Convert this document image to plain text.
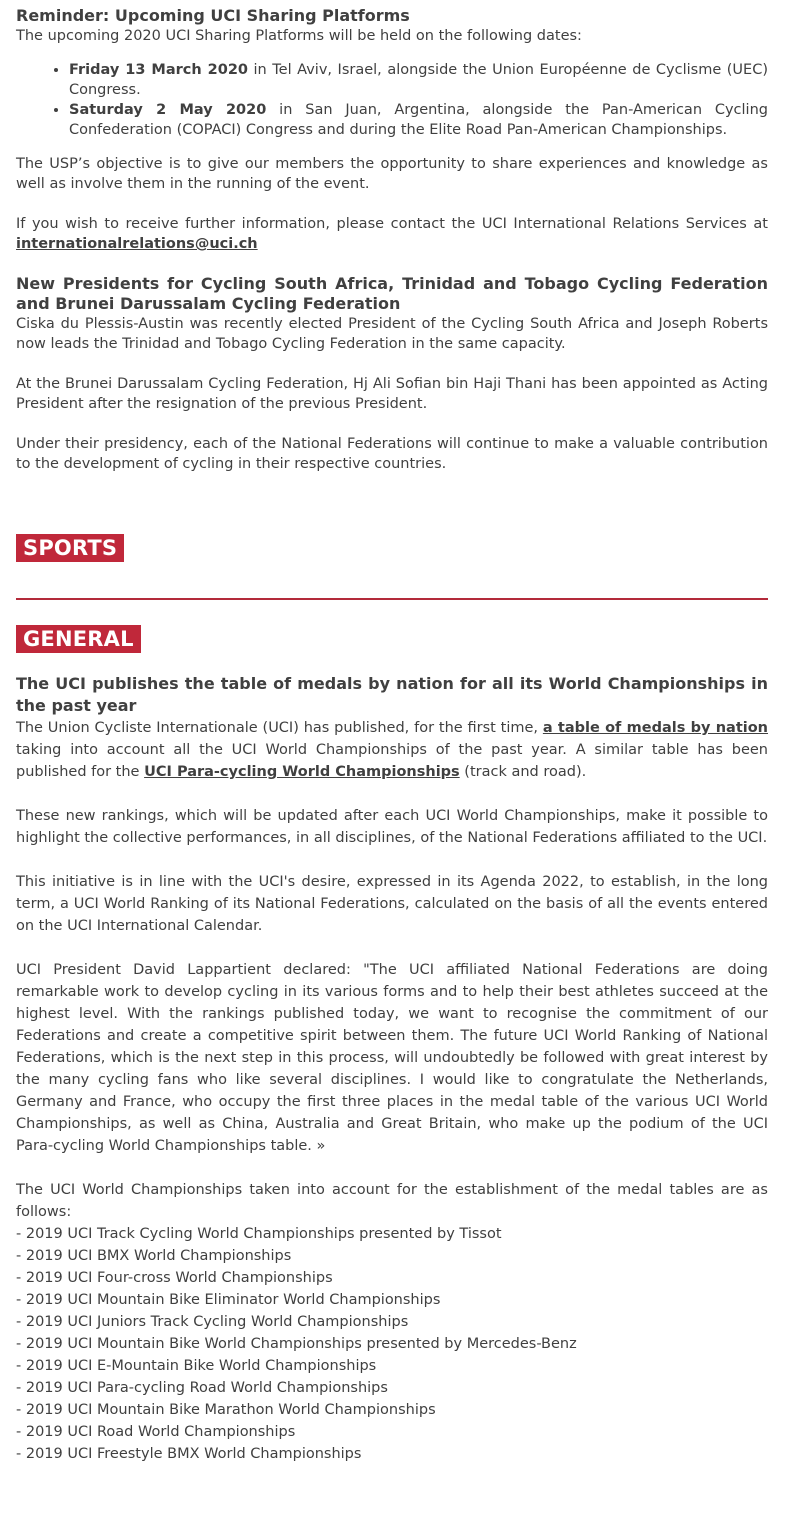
Reminder: Upcoming UCI Sharing Platforms

The upcoming 2020 UCI Sharing Platforms will be held on the following dates:

• Friday 13 March 2020 in Tel Aviv, Israel, alongside the Union Européenne de Cyclisme (UEC) Congress.
• Saturday 2 May 2020 in San Juan, Argentina, alongside the Pan-American Cycling Confederation (COPACI) Congress and during the Elite Road Pan-American Championships.

The USP’s objective is to give our members the opportunity to share experiences and knowledge as well as involve them in the running of the event.

If you wish to receive further information, please contact the UCI International Relations Services at internationalrelations@uci.ch

New Presidents for Cycling South Africa, Trinidad and Tobago Cycling Federation and Brunei Darussalam Cycling Federation

Ciska du Plessis-Austin was recently elected President of the Cycling South Africa and Joseph Roberts now leads the Trinidad and Tobago Cycling Federation in the same capacity.

At the Brunei Darussalam Cycling Federation, Hj Ali Sofian bin Haji Thani has been appointed as Acting President after the resignation of the previous President.

Under their presidency, each of the National Federations will continue to make a valuable contribution to the development of cycling in their respective countries.

SPORTS
GENERAL
The UCI publishes the table of medals by nation for all its World Championships in the past year

The Union Cycliste Internationale (UCI) has published, for the first time, a table of medals by nation taking into account all the UCI World Championships of the past year. A similar table has been published for the UCI Para-cycling World Championships (track and road).

These new rankings, which will be updated after each UCI World Championships, make it possible to highlight the collective performances, in all disciplines, of the National Federations affiliated to the UCI.

This initiative is in line with the UCI's desire, expressed in its Agenda 2022, to establish, in the long term, a UCI World Ranking of its National Federations, calculated on the basis of all the events entered on the UCI International Calendar.

UCI President David Lappartient declared: "The UCI affiliated National Federations are doing remarkable work to develop cycling in its various forms and to help their best athletes succeed at the highest level. With the rankings published today, we want to recognise the commitment of our Federations and create a competitive spirit between them. The future UCI World Ranking of National Federations, which is the next step in this process, will undoubtedly be followed with great interest by the many cycling fans who like several disciplines. I would like to congratulate the Netherlands, Germany and France, who occupy the first three places in the medal table of the various UCI World Championships, as well as China, Australia and Great Britain, who make up the podium of the UCI Para-cycling World Championships table. »

The UCI World Championships taken into account for the establishment of the medal tables are as follows:

- 2019 UCI Track Cycling World Championships presented by Tissot
- 2019 UCI BMX World Championships
- 2019 UCI Four-cross World Championships
- 2019 UCI Mountain Bike Eliminator World Championships
- 2019 UCI Juniors Track Cycling World Championships
- 2019 UCI Mountain Bike World Championships presented by Mercedes-Benz
- 2019 UCI E-Mountain Bike World Championships
- 2019 UCI Para-cycling Road World Championships
- 2019 UCI Mountain Bike Marathon World Championships
- 2019 UCI Road World Championships
- 2019 UCI Freestyle BMX World Championships
